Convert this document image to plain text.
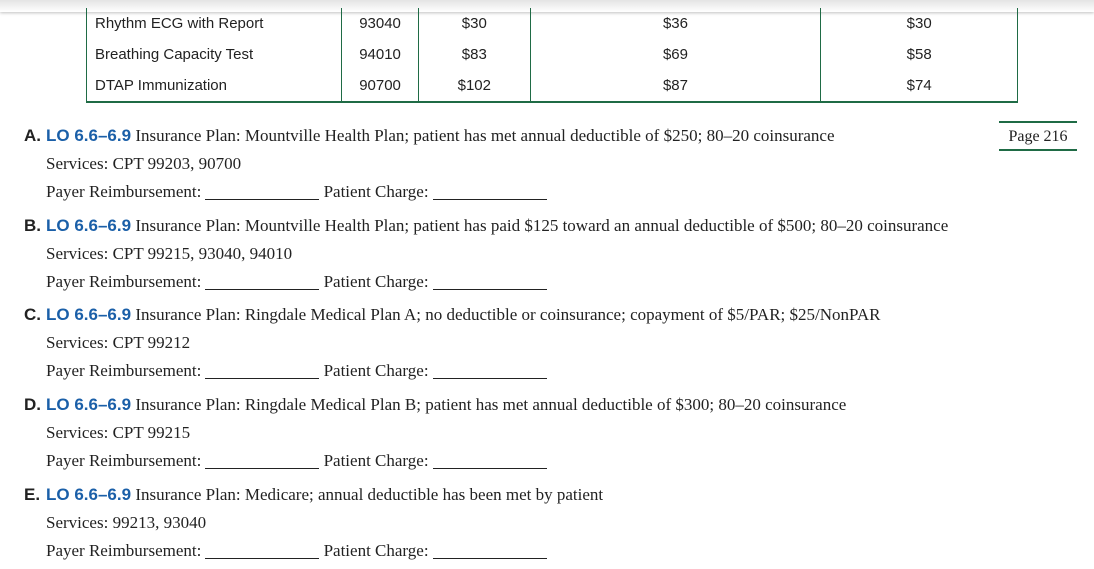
Rhythm ECG with Report	93040	$30	$36	$30
Breathing Capacity Test	94010	$83	$69	$58
DTAP Immunization	90700	$102	$87	$74
Page 216
A. LO 6.6–6.9 Insurance Plan: Mountville Health Plan; patient has met annual deductible of $250; 80–20 coinsurance
Services: CPT 99203, 90700
Payer Reimbursement:	Patient Charge:
B. LO 6.6–6.9 Insurance Plan: Mountville Health Plan; patient has paid $125 toward an annual deductible of $500; 80–20 coinsurance
Services: CPT 99215, 93040, 94010
Payer Reimbursement:	Patient Charge:
C. LO 6.6–6.9 Insurance Plan: Ringdale Medical Plan A; no deductible or coinsurance; copayment of $5/PAR; $25/NonPAR
Services: CPT 99212
Payer Reimbursement:	Patient Charge:
D. LO 6.6–6.9 Insurance Plan: Ringdale Medical Plan B; patient has met annual deductible of $300; 80–20 coinsurance
Services: CPT 99215
Payer Reimbursement:	Patient Charge:
E. LO 6.6–6.9 Insurance Plan: Medicare; annual deductible has been met by patient
Services: 99213, 93040
Payer Reimbursement:	Patient Charge:
